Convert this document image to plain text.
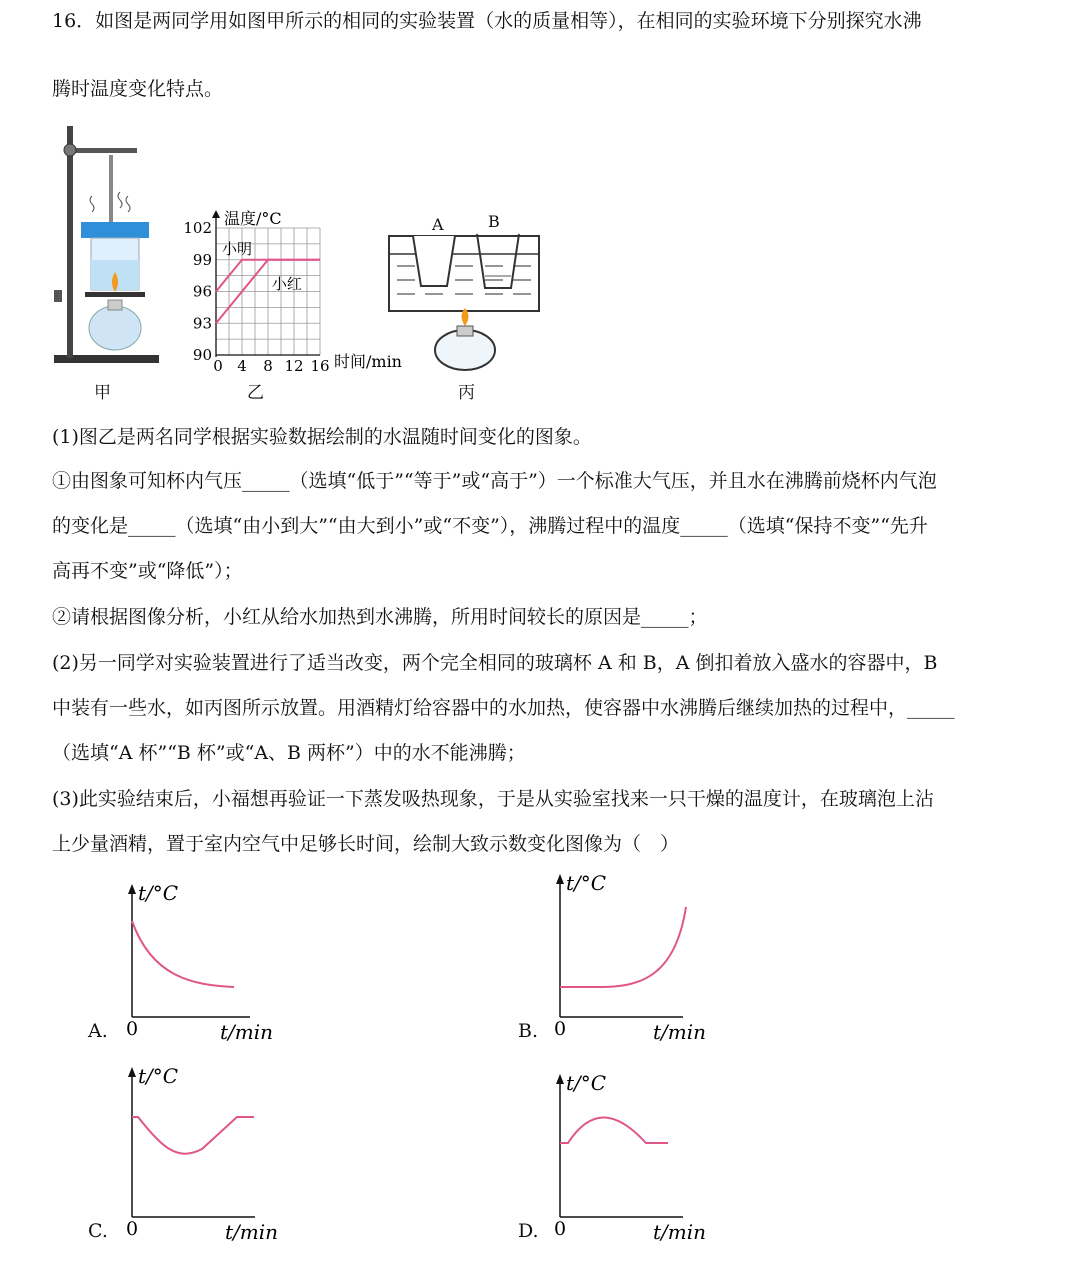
16．如图是两同学用如图甲所示的相同的实验装置（水的质量相等），在相同的实验环境下分别探究水沸
腾时温度变化特点。
甲
温度/°C
时间/min
90
93
96
99
102
0 4 8 12 16
小明
小红
乙
A	B
丙
(1)图乙是两名同学根据实验数据绘制的水温随时间变化的图象。
①由图象可知杯内气压_____（选填“低于”“等于”或“高于”）一个标准大气压，并且水在沸腾前烧杯内气泡
的变化是_____（选填“由小到大”“由大到小”或“不变”），沸腾过程中的温度_____（选填“保持不变”“先升
高再不变”或“降低”）；
②请根据图像分析，小红从给水加热到水沸腾，所用时间较长的原因是_____；
(2)另一同学对实验装置进行了适当改变，两个完全相同的玻璃杯 A 和 B，A 倒扣着放入盛水的容器中，B
中装有一些水，如丙图所示放置。用酒精灯给容器中的水加热，使容器中水沸腾后继续加热的过程中，_____
（选填“A 杯”“B 杯”或“A、B 两杯”）中的水不能沸腾；
(3)此实验结束后，小福想再验证一下蒸发吸热现象，于是从实验室找来一只干燥的温度计，在玻璃泡上沾
上少量酒精，置于室内空气中足够长时间，绘制大致示数变化图像为（　）
t/°C
t/min
0
A.
t/°C
t/min
0
B.
t/°C
t/min
0
C.
t/°C
t/min
0
D.
